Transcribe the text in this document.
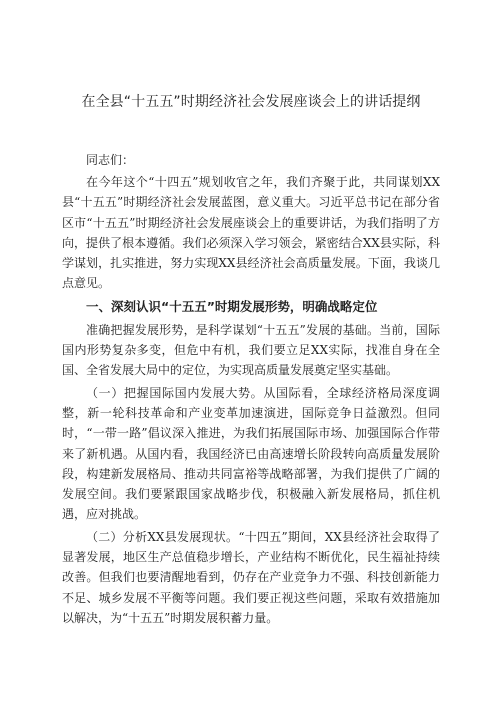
在全县“十五五”时期经济社会发展座谈会上的讲话提纲

同志们：

在今年这个“十四五”规划收官之年，我们齐聚于此，共同谋划XX县“十五五”时期经济社会发展蓝图，意义重大。习近平总书记在部分省区市“十五五”时期经济社会发展座谈会上的重要讲话，为我们指明了方向，提供了根本遵循。我们必须深入学习领会，紧密结合XX县实际，科学谋划，扎实推进，努力实现XX县经济社会高质量发展。下面，我谈几点意见。

一、深刻认识“十五五”时期发展形势，明确战略定位

准确把握发展形势，是科学谋划“十五五”发展的基础。当前，国际国内形势复杂多变，但危中有机，我们要立足XX实际，找准自身在全国、全省发展大局中的定位，为实现高质量发展奠定坚实基础。

（一）把握国际国内发展大势。从国际看，全球经济格局深度调整，新一轮科技革命和产业变革加速演进，国际竞争日益激烈。但同时，“一带一路”倡议深入推进，为我们拓展国际市场、加强国际合作带来了新机遇。从国内看，我国经济已由高速增长阶段转向高质量发展阶段，构建新发展格局、推动共同富裕等战略部署，为我们提供了广阔的发展空间。我们要紧跟国家战略步伐，积极融入新发展格局，抓住机遇，应对挑战。

（二）分析XX县发展现状。“十四五”期间，XX县经济社会取得了显著发展，地区生产总值稳步增长，产业结构不断优化，民生福祉持续改善。但我们也要清醒地看到，仍存在产业竞争力不强、科技创新能力不足、城乡发展不平衡等问题。我们要正视这些问题，采取有效措施加以解决，为“十五五”时期发展积蓄力量。
